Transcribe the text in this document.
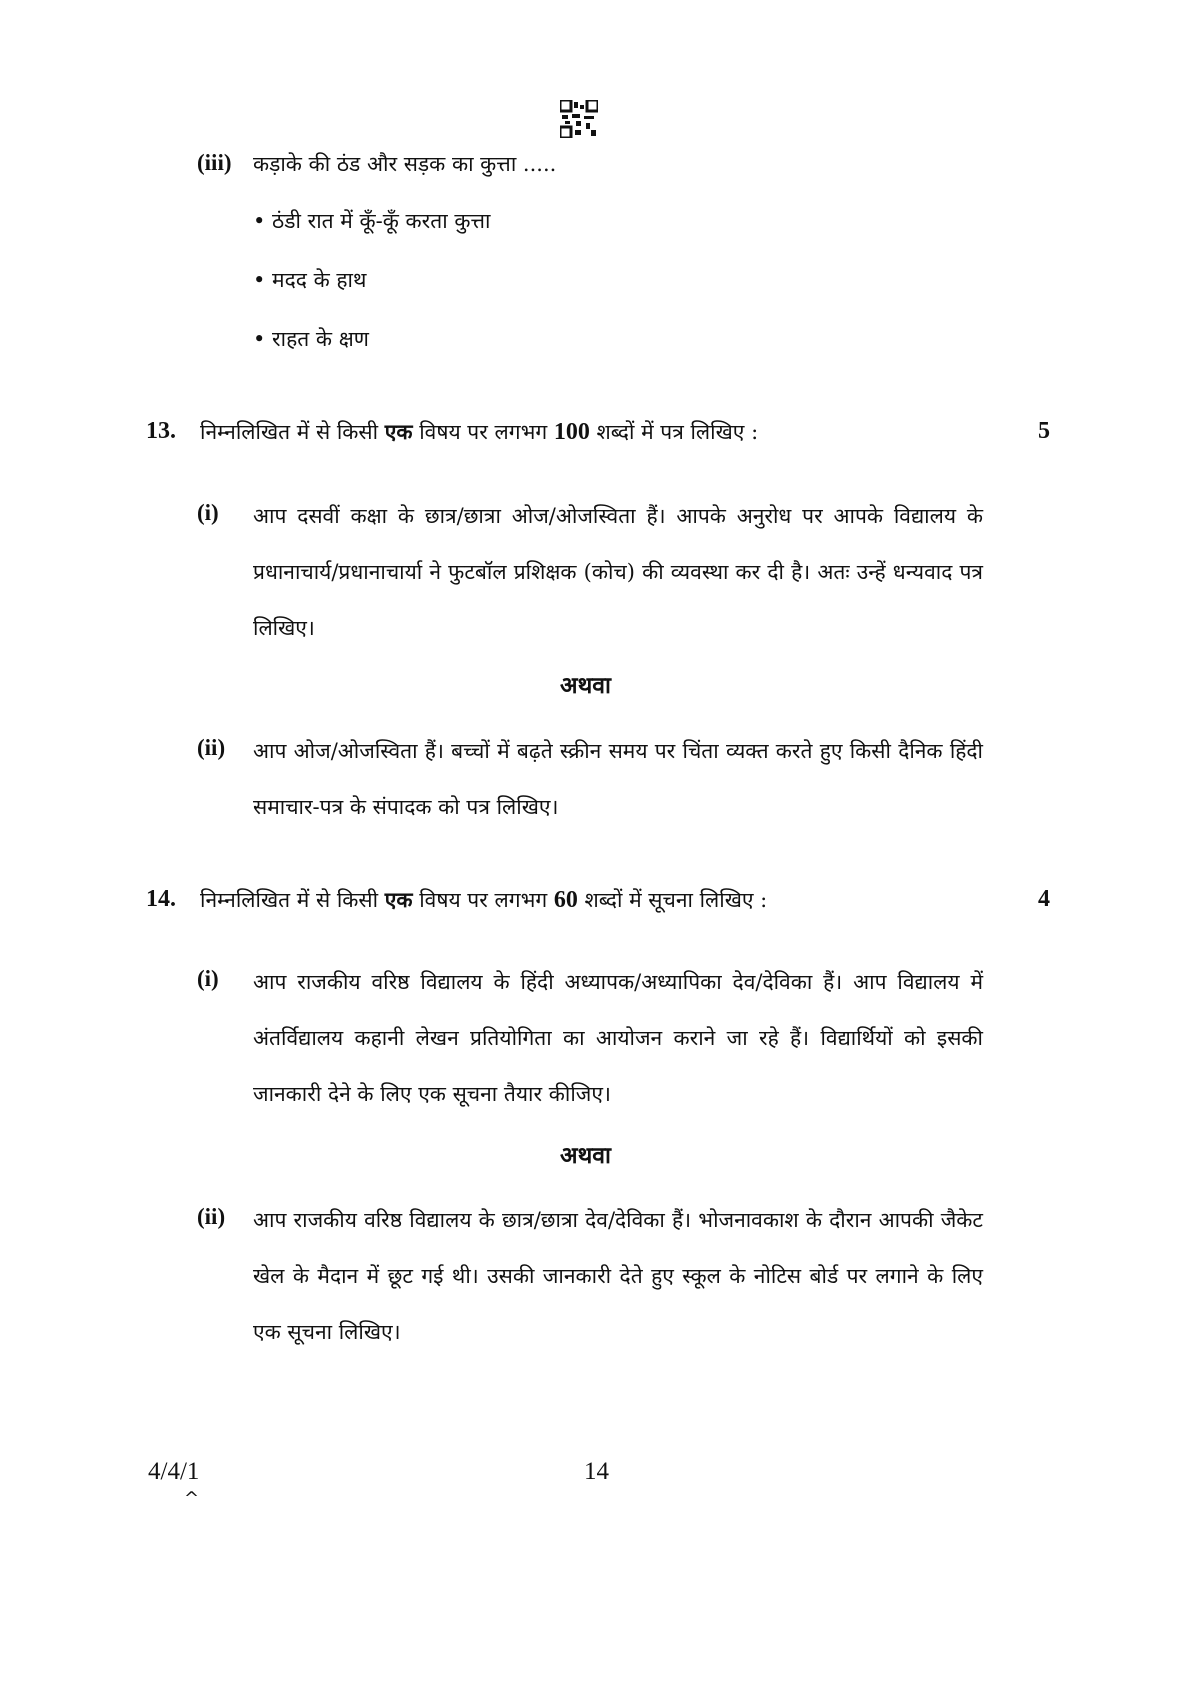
(iii) कड़ाके की ठंड और सड़क का कुत्ता .....
• ठंडी रात में कूँ-कूँ करता कुत्ता
• मदद के हाथ
• राहत के क्षण
13. निम्नलिखित में से किसी एक विषय पर लगभग 100 शब्दों में पत्र लिखिए :	5
(i) आप दसवीं कक्षा के छात्र/छात्रा ओज/ओजस्विता हैं। आपके अनुरोध पर आपके विद्यालय के प्रधानाचार्य/प्रधानाचार्या ने फुटबॉल प्रशिक्षक (कोच) की व्यवस्था कर दी है। अतः उन्हें धन्यवाद पत्र लिखिए।
अथवा
(ii) आप ओज/ओजस्विता हैं। बच्चों में बढ़ते स्क्रीन समय पर चिंता व्यक्त करते हुए किसी दैनिक हिंदी समाचार-पत्र के संपादक को पत्र लिखिए।
14. निम्नलिखित में से किसी एक विषय पर लगभग 60 शब्दों में सूचना लिखिए :	4
(i) आप राजकीय वरिष्ठ विद्यालय के हिंदी अध्यापक/अध्यापिका देव/देविका हैं। आप विद्यालय में अंतर्विद्यालय कहानी लेखन प्रतियोगिता का आयोजन कराने जा रहे हैं। विद्यार्थियों को इसकी जानकारी देने के लिए एक सूचना तैयार कीजिए।
अथवा
(ii) आप राजकीय वरिष्ठ विद्यालय के छात्र/छात्रा देव/देविका हैं। भोजनावकाश के दौरान आपकी जैकेट खेल के मैदान में छूट गई थी। उसकी जानकारी देते हुए स्कूल के नोटिस बोर्ड पर लगाने के लिए एक सूचना लिखिए।
4/4/1
^
14
